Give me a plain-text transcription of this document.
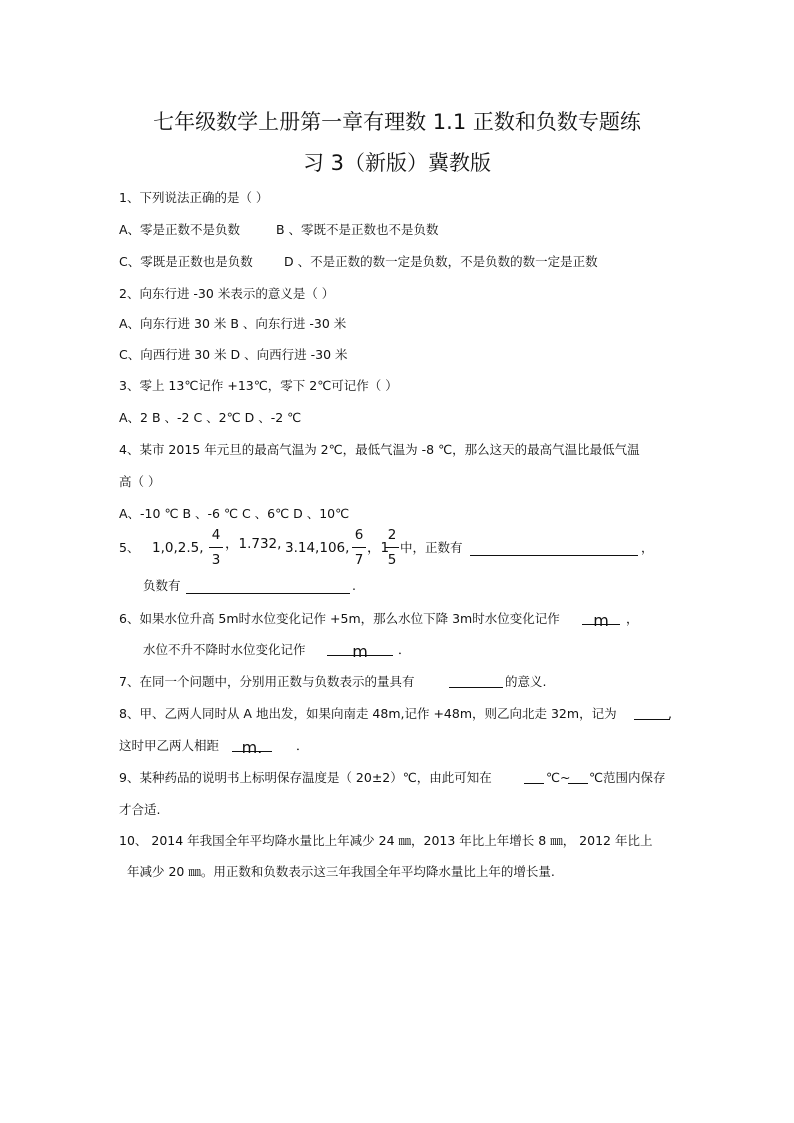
七年级数学上册第一章有理数 1.1 正数和负数专题练
习 3（新版）冀教版
1、下列说法正确的是（ ）
A、零是正数不是负数	B 、零既不是正数也不是负数
C、零既是正数也是负数	D 、不是正数的数一定是负数，不是负数的数一定是正数
2、向东行进 -30 米表示的意义是（ ）
A、向东行进 30 米 B 、向东行进 -30 米
C、向西行进 30 米 D 、向西行进 -30 米
3、零上 13℃记作 +13℃，零下 2℃可记作（ ）
A、2 B 、-2 C 、2℃ D 、-2 ℃
4、某市 2015 年元旦的最高气温为 2℃，最低气温为 -8 ℃，那么这天的最高气温比最低气温
高（ ）
A、-10 ℃ B 、-6 ℃ C 、6℃ D 、10℃
5、 1,0,2.5,
4
3
，1.732, 3.14,106,
6
7
，1
2
5
中，正数有	，
负数有	.
6、如果水位升高 5m时水位变化记作 +5m，那么水位下降 3m时水位变化记作	m	，
水位不升不降时水位变化记作	m	．
7、在同一个问题中，分别用正数与负数表示的量具有	的意义.
8、甲、乙两人同时从 A 地出发，如果向南走 48m,记作 +48m，则乙向北走 32m，记为	,
这时甲乙两人相距	m.	．
9、某种药品的说明书上标明保存温度是（ 20±2）℃，由此可知在	℃~ ℃范围内保存
才合适.
10、 2014 年我国全年平均降水量比上年减少 24 ㎜，2013 年比上年增长 8 ㎜， 2012 年比上
年减少 20 ㎜。用正数和负数表示这三年我国全年平均降水量比上年的增长量.
